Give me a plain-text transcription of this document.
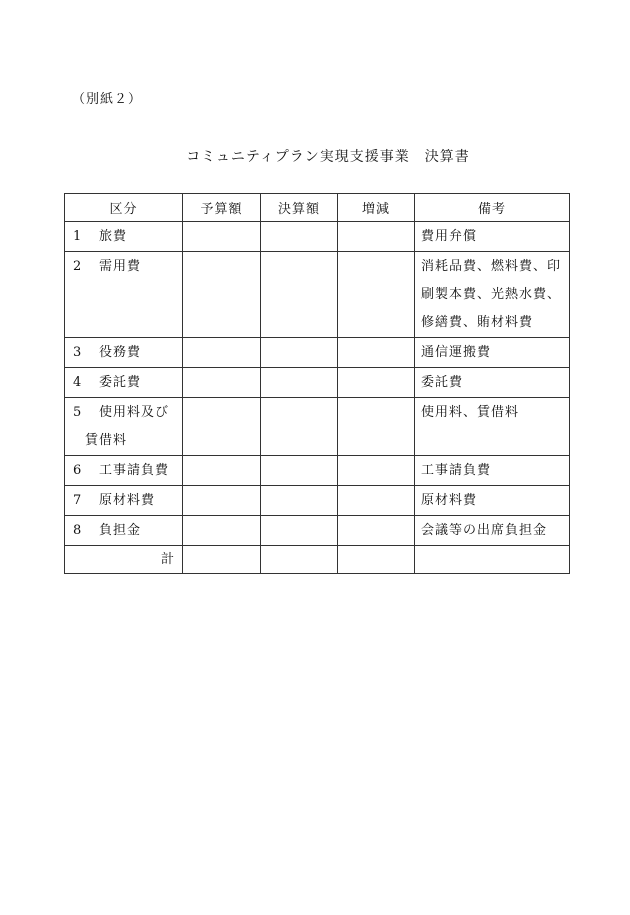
（別紙２）
コミュニティプラン実現支援事業　決算書
区分	予算額	決算額	増減	備考

1 旅費				費用弁償

2 需用費				消耗品費、燃料費、印
刷製本費、光熱水費、
修繕費、賄材料費

3 役務費				通信運搬費

4 委託費				委託費

5 使用料及び
賃借料				使用料、賃借料

6 工事請負費				工事請負費

7 原材料費				原材料費

8 負担金				会議等の出席負担金

計				
